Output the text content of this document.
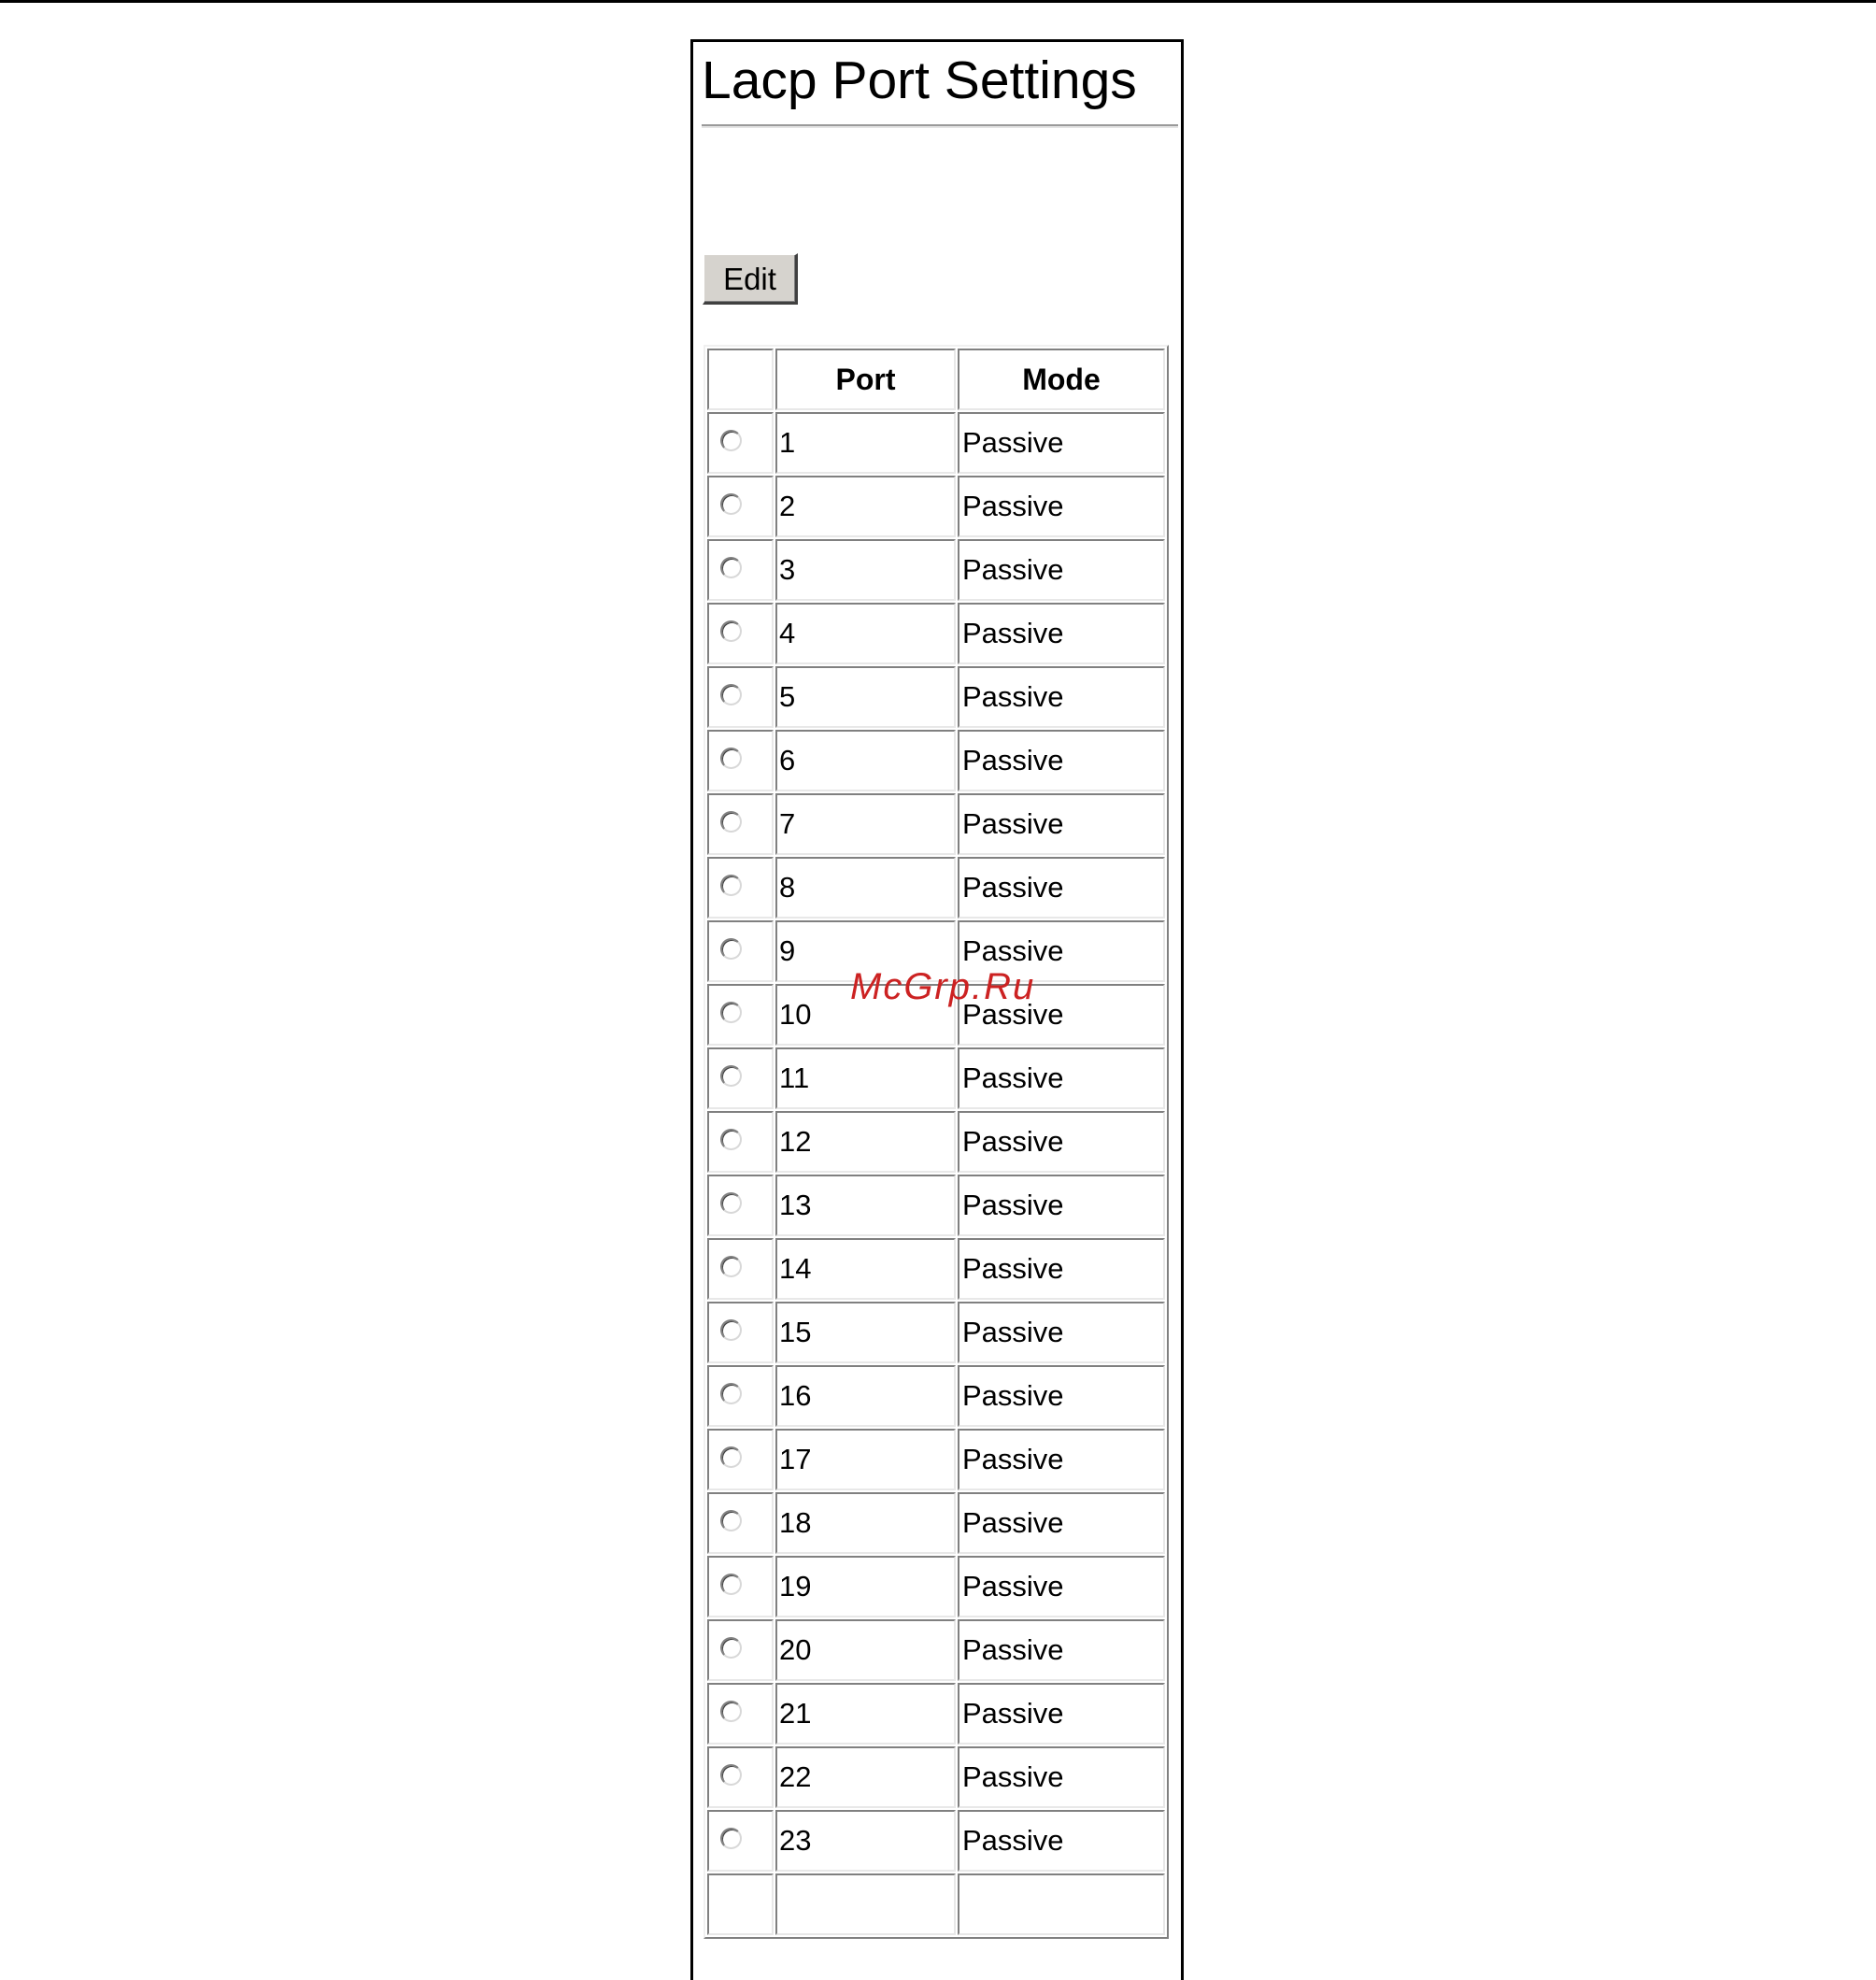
Lacp Port Settings
Edit
	Port	Mode
	1	Passive
	2	Passive
	3	Passive
	4	Passive
	5	Passive
	6	Passive
	7	Passive
	8	Passive
	9	Passive
	10	Passive
	11	Passive
	12	Passive
	13	Passive
	14	Passive
	15	Passive
	16	Passive
	17	Passive
	18	Passive
	19	Passive
	20	Passive
	21	Passive
	22	Passive
	23	Passive

McGrp.Ru
